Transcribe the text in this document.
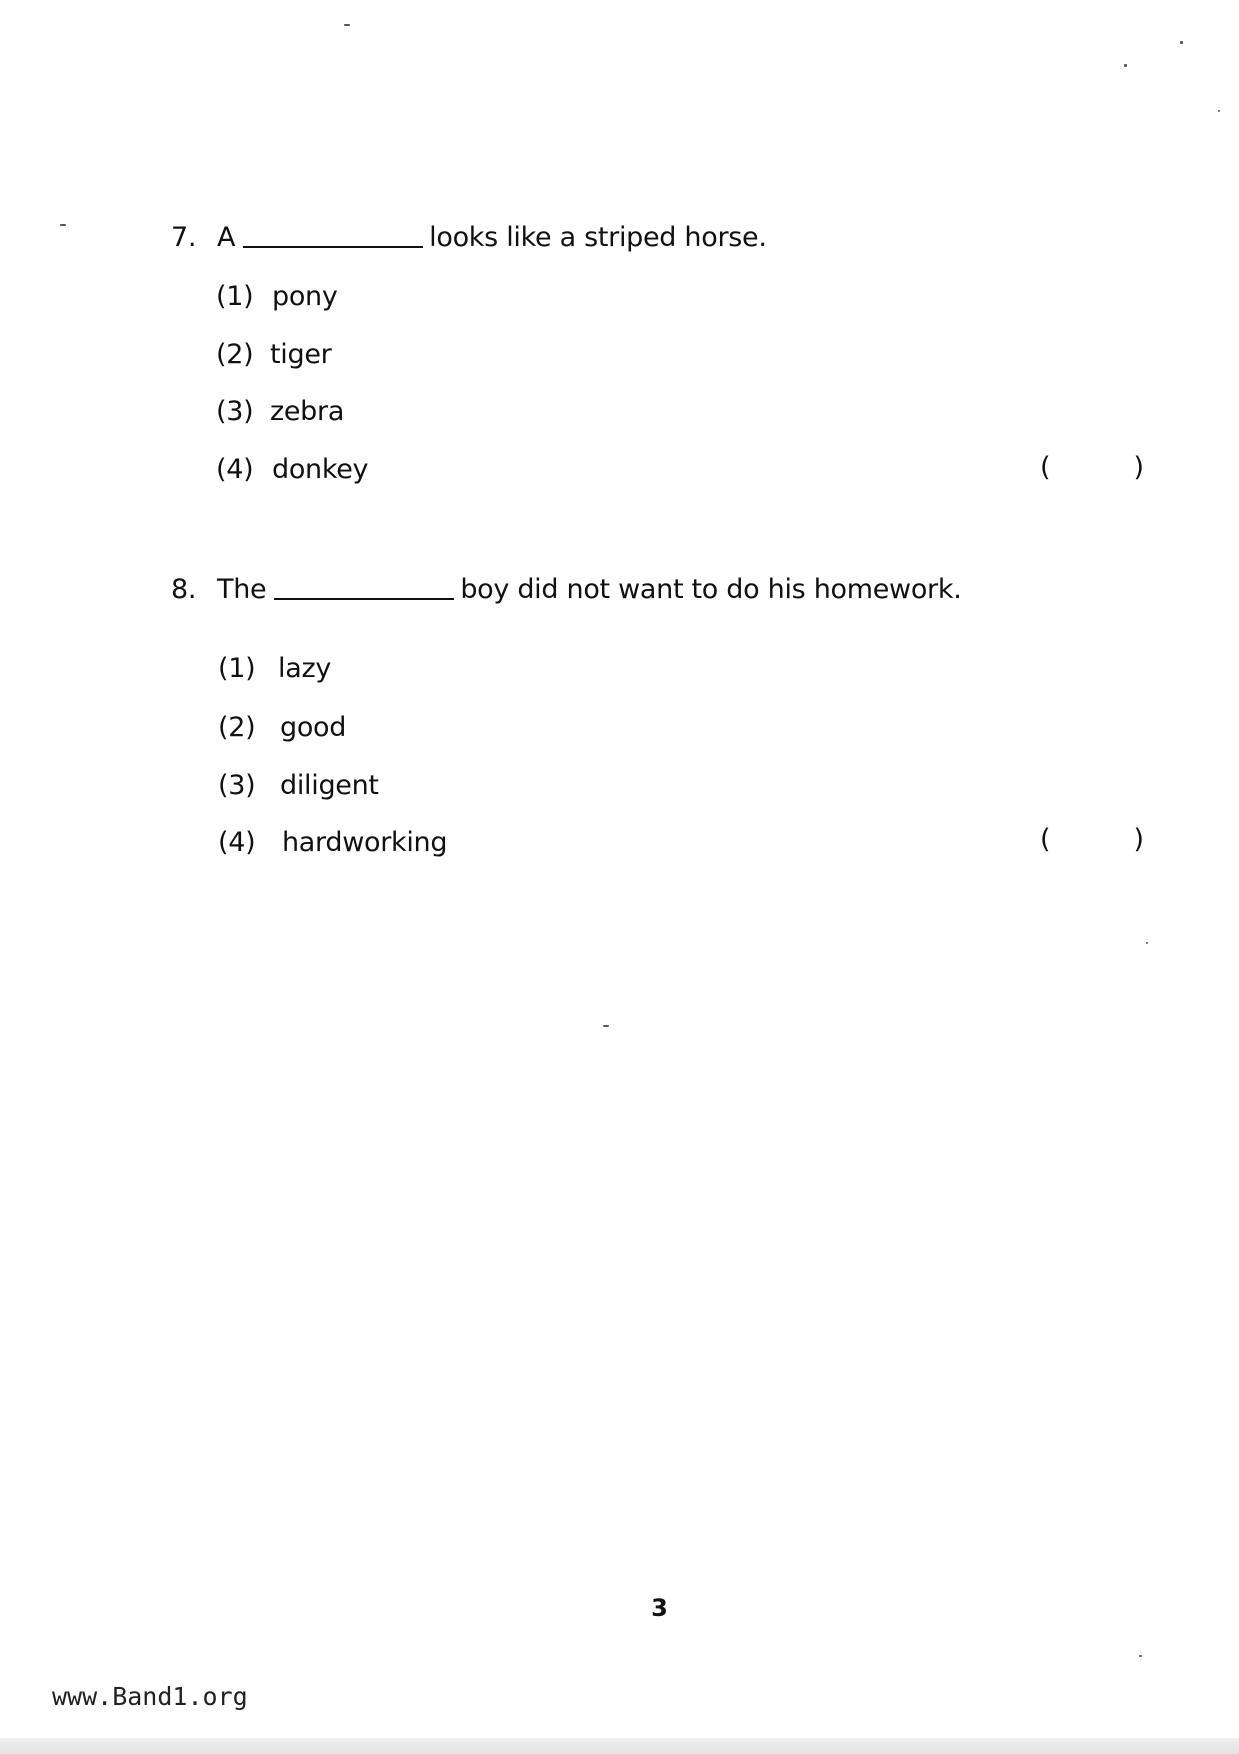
7. A	looks like a striped horse.
(1) pony
(2) tiger
(3) zebra
(4) donkey	(	)
8. The	boy did not want to do his homework.
(1) lazy
(2) good
(3) diligent
(4) hardworking	(	)
3
www.Band1.org
